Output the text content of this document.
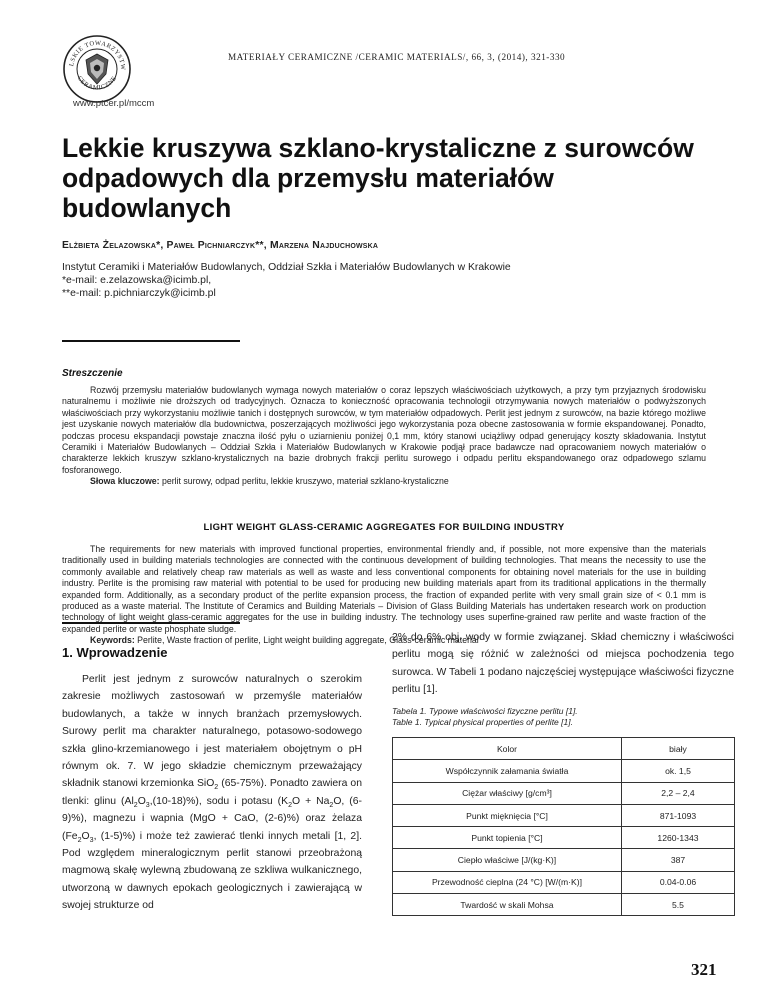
LSKIE TOWARZYSTW
CERAMICZNE
MATERIAŁY CERAMICZNE /CERAMIC MATERIALS/, 66, 3, (2014), 321-330
www.ptcer.pl/mccm
Lekkie kruszywa szklano-krystaliczne z surowców
odpadowych dla przemysłu materiałów
budowlanych
Elżbieta Żelazowska*, Paweł Pichniarczyk**, Marzena Najduchowska
Instytut Ceramiki i Materiałów Budowlanych, Oddział Szkła i Materiałów Budowlanych w Krakowie
*e-mail: e.zelazowska@icimb.pl,
**e-mail: p.pichniarczyk@icimb.pl
Streszczenie
Rozwój przemysłu materiałów budowlanych wymaga nowych materiałów o coraz lepszych właściwościach użytkowych, a przy tym przyjaznych środowisku naturalnemu i możliwie nie droższych od tradycyjnych. Oznacza to konieczność opracowania technologii otrzymywania nowych materiałów o podwyższonych właściwościach przy wykorzystaniu możliwie tanich i dostępnych surowców, w tym materiałów odpadowych. Perlit jest jednym z surowców, na bazie którego możliwe jest uzyskanie nowych materiałów dla budownictwa, poszerzających możliwości jego wykorzystania poza obecne zastosowania w formie ekspandowanej. Ponadto, podczas procesu ekspandacji powstaje znaczna ilość pyłu o uziarnieniu poniżej 0,1 mm, który stanowi uciążliwy odpad generujący koszty składowania. Instytut Ceramiki i Materiałów Budowlanych – Oddział Szkła i Materiałów Budowlanych w Krakowie podjął prace badawcze nad opracowaniem nowych materiałów o charakterze lekkich kruszyw szklano-krystalicznych na bazie drobnych frakcji perlitu surowego i odpadu perlitu ekspandowanego oraz odpadowego szlamu fosforanowego.
Słowa kluczowe: perlit surowy, odpad perlitu, lekkie kruszywo, materiał szklano-krystaliczne
LIGHT WEIGHT GLASS-CERAMIC AGGREGATES FOR BUILDING INDUSTRY
The requirements for new materials with improved functional properties, environmental friendly and, if possible, not more expensive than the materials traditionally used in building materials technologies are connected with the continuous development of building technologies. That means the necessity to use the commonly available and relatively cheap raw materials as well as waste and less conventional components for obtaining novel materials for the use in building industry. Perlite is the promising raw material with potential to be used for producing new building materials apart from its traditional applications in the thermally expanded form. Additionally, as a secondary product of the perlite expansion process, the fraction of expanded perlite with very small grain size of < 0.1 mm is produced as a waste material. The Institute of Ceramics and Building Materials – Division of Glass Building Materials has undertaken research work on production technology of light weight glass-ceramic aggregates for the use in building industry. The technology uses superfine-grained raw perlite and waste fraction of the expanded perlite or waste phosphate sludge.
Keywords: Perlite, Waste fraction of perlite, Light weight building aggregate, Glass-ceramic material
1. Wprowadzenie
Perlit jest jednym z surowców naturalnych o szerokim zakresie możliwych zastosowań w przemyśle materiałów budowlanych, a także w innych branżach przemysłowych. Surowy perlit ma charakter naturalnego, potasowo-sodowego szkła glino-krzemianowego i jest materiałem obojętnym o pH równym ok. 7. W jego składzie chemicznym przeważający składnik stanowi krzemionka SiO$_2$ (65-75%). Ponadto zawiera on tlenki: glinu $(Al_2O_3,(10-18)\%)$, sodu i potasu ($K_2O + Na_2O$, (6-9)%), magnezu i wapnia (MgO + CaO, (2-6)%) oraz żelaza ($Fe_2O_3$, (1-5)%) i może też zawierać tlenki innych metali [1, 2]. Pod względem mineralogicznym perlit stanowi przeobrażoną magmową skałę wylewną zbudowaną ze szkliwa wulkanicznego, utworzoną w dawnych epokach geologicznych i zawierającą w swojej strukturze od
2% do 6% obj. wody w formie związanej. Skład chemiczny i właściwości perlitu mogą się różnić w zależności od miejsca pochodzenia tego surowca. W Tabeli 1 podano najczęściej występujące właściwości fizyczne perlitu [1].
Tabela 1. Typowe właściwości fizyczne perlitu [1].
Table 1. Typical physical properties of perlite [1].
Kolor	biały
Współczynnik załamania światła	ok. 1,5
Ciężar właściwy [g/cm³]	2,2 – 2,4
Punkt mięknięcia [°C]	871-1093
Punkt topienia [°C]	1260-1343
Ciepło właściwe [J/(kg·K)]	387
Przewodność cieplna (24 °C) [W/(m·K)]	0.04-0.06
Twardość w skali Mohsa	5.5
321
